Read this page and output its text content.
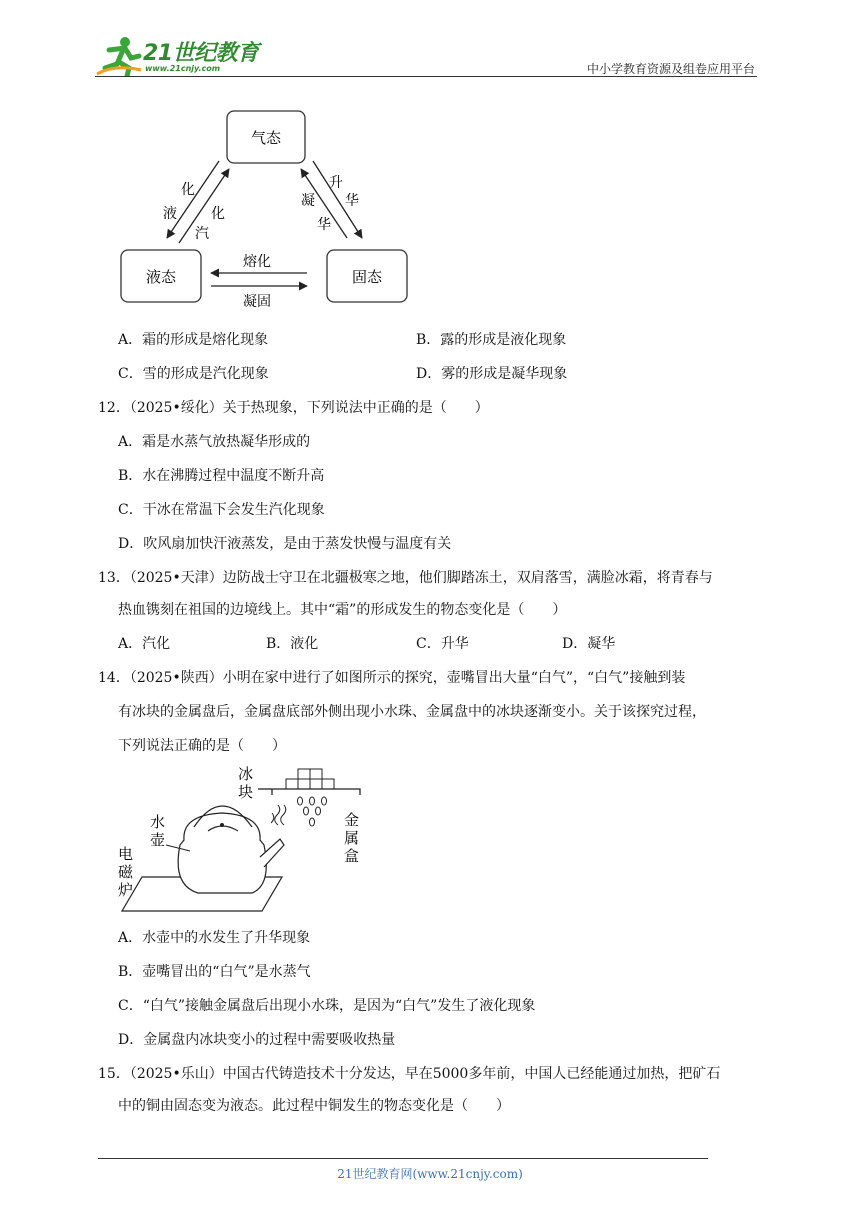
21世纪教育
www.21cnjy.com	中小学教育资源及组卷应用平台
气态
液态	固态
化
液 化
汽
升
华
凝
华
熔化
凝固
A．霜的形成是熔化现象	B．露的形成是液化现象
C．雪的形成是汽化现象	D．雾的形成是凝华现象
12．（2025•绥化）关于热现象，下列说法中正确的是（　　）
A．霜是水蒸气放热凝华形成的
B．水在沸腾过程中温度不断升高
C．干冰在常温下会发生汽化现象
D．吹风扇加快汗液蒸发，是由于蒸发快慢与温度有关
13．（2025•天津）边防战士守卫在北疆极寒之地，他们脚踏冻土，双肩落雪，满脸冰霜，将青春与
热血镌刻在祖国的边境线上。其中“霜”的形成发生的物态变化是（　　）
A．汽化	B．液化	C．升华	D．凝华
14．（2025•陕西）小明在家中进行了如图所示的探究，壶嘴冒出大量“白气”，“白气”接触到装
有冰块的金属盘后，金属盘底部外侧出现小水珠、金属盘中的冰块逐渐变小。关于该探究过程，
下列说法正确的是（　　）
冰
块
金
属
盒
水
壶
电
磁
炉
A．水壶中的水发生了升华现象
B．壶嘴冒出的“白气”是水蒸气
C．“白气”接触金属盘后出现小水珠，是因为“白气”发生了液化现象
D．金属盘内冰块变小的过程中需要吸收热量
15．（2025•乐山）中国古代铸造技术十分发达，早在5000多年前，中国人已经能通过加热，把矿石
中的铜由固态变为液态。此过程中铜发生的物态变化是（　　）
21世纪教育网(www.21cnjy.com)
